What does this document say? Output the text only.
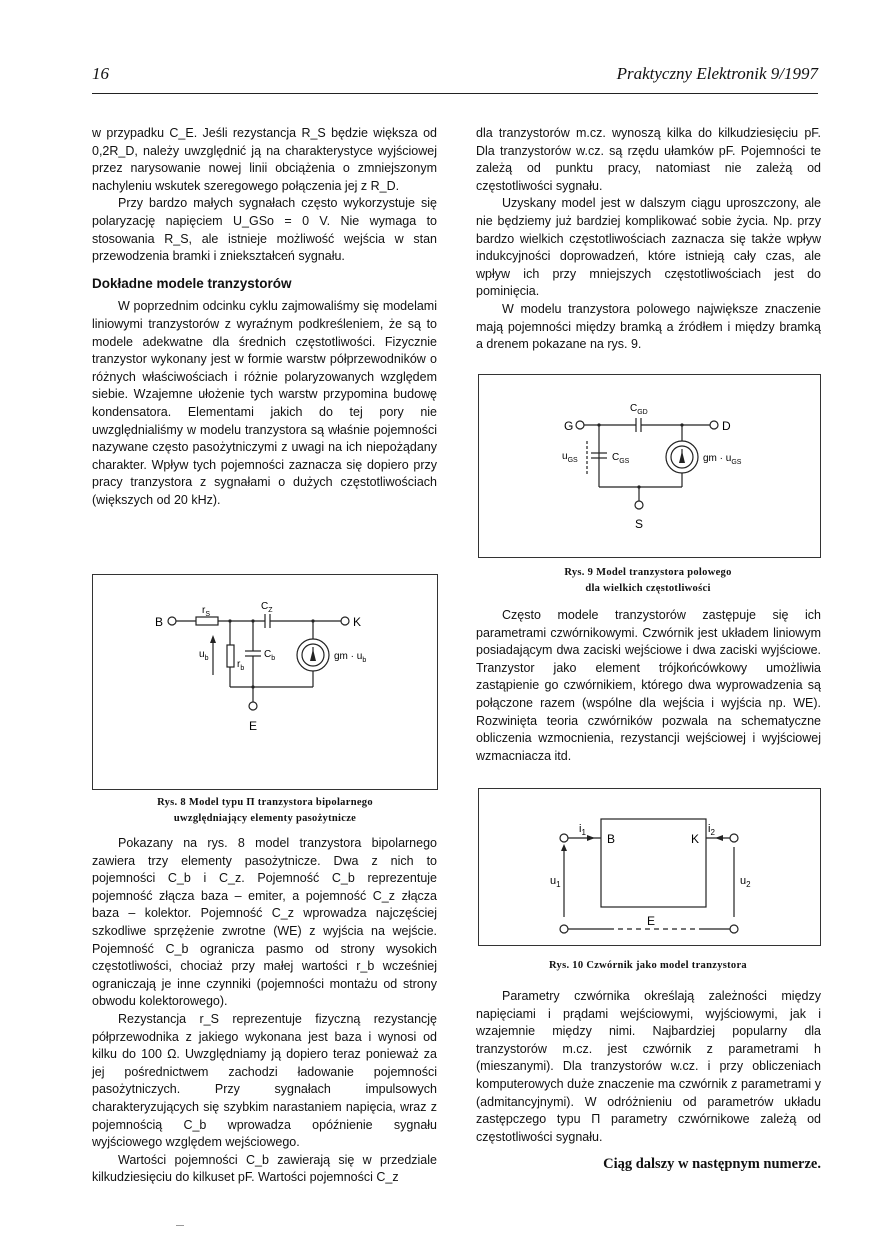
16	Praktyczny Elektronik 9/1997

w przypadku C_E. Jeśli rezystancja R_S będzie większa od 0,2R_D, należy uwzględnić ją na charakterystyce wyjściowej przez narysowanie nowej linii obciążenia o zmniejszonym nachyleniu wskutek szeregowego połączenia jej z R_D.

Przy bardzo małych sygnałach często wykorzystuje się polaryzację napięciem U_GSo = 0 V. Nie wymaga to stosowania R_S, ale istnieje możliwość wejścia w stan przewodzenia bramki i zniekształceń sygnału.

Dokładne modele tranzystorów

W poprzednim odcinku cyklu zajmowaliśmy się modelami liniowymi tranzystorów z wyraźnym podkreśleniem, że są to modele adekwatne dla średnich częstotliwości. Fizycznie tranzystor wykonany jest w formie warstw półprzewodników o różnych właściwościach i różnie polaryzowanych względem siebie. Wzajemne ułożenie tych warstw przypomina budowę kondensatora. Elementami jakich do tej pory nie uwzględnialiśmy w modelu tranzystora są właśnie pojemności nazywane często pasożytniczymi z uwagi na ich niepożądany charakter. Wpływ tych pojemności zaznacza się dopiero przy pracy tranzystora z sygnałami o dużych częstotliwościach (większych od 20 kHz).

B	K
E
$r_S$
$C_Z$
$u_b$
$r_b$
$C_b$	gm · $u_b$
Rys. 8 Model typu Π tranzystora bipolarnego
uwzględniający elementy pasożytnicze

Pokazany na rys. 8 model tranzystora bipolarnego zawiera trzy elementy pasożytnicze. Dwa z nich to pojemności C_b i C_z. Pojemność C_b reprezentuje pojemność złącza baza – emiter, a pojemność C_z złącza baza – kolektor. Pojemność C_z wprowadza najczęściej szkodliwe sprzężenie zwrotne (WE) z wyjścia na wejście. Pojemność C_b ogranicza pasmo od strony wysokich częstotliwości, chociaż przy małej wartości r_b wcześniej ograniczają je inne czynniki (pojemności montażu od strony obwodu kolektorowego).

Rezystancja r_S reprezentuje fizyczną rezystancję półprzewodnika z jakiego wykonana jest baza i wynosi od kilku do 100 Ω. Uwzględniamy ją dopiero teraz ponieważ za jej pośrednictwem zachodzi ładowanie pojemności pasożytniczych. Przy sygnałach impulsowych charakteryzujących się szybkim narastaniem napięcia, wraz z pojemnością C_b wprowadza opóźnienie sygnału wyjściowego względem wejściowego.

Wartości pojemności C_b zawierają się w przedziale kilkudziesięciu do kilkuset pF. Wartości pojemności C_z

dla tranzystorów m.cz. wynoszą kilka do kilkudziesięciu pF. Dla tranzystorów w.cz. są rzędu ułamków pF. Pojemności te zależą od punktu pracy, natomiast nie zależą od częstotliwości sygnału.

Uzyskany model jest w dalszym ciągu uproszczony, ale nie będziemy już bardziej komplikować sobie życia. Np. przy bardzo wielkich częstotliwościach zaznacza się także wpływ indukcyjności doprowadzeń, które istnieją cały czas, ale wpływ ich przy mniejszych częstotliwościach jest do pominięcia.

W modelu tranzystora polowego największe znaczenie mają pojemności między bramką a źródłem i między bramką a drenem pokazane na rys. 9.

G	D
S
$C_{GD}$
$u_{GS}$	$C_{GS}$	gm · $u_{GS}$
Rys. 9 Model tranzystora polowego
dla wielkich częstotliwości

Często modele tranzystorów zastępuje się ich parametrami czwórnikowymi. Czwórnik jest układem liniowym posiadającym dwa zaciski wejściowe i dwa zaciski wyjściowe. Tranzystor jako element trójkońcówkowy umożliwia zastąpienie go czwórnikiem, którego dwa wyprowadzenia są połączone razem (wspólne dla wejścia i wyjścia np. WE). Rozwinięta teoria czwórników pozwala na schematyczne obliczenia wzmocnienia, rezystancji wejściowej i wyjściowej wzmacniacza itd.

$i_1$	$i_2$
$u_1$	$u_2$
B	K
E
Rys. 10 Czwórnik jako model tranzystora

Parametry czwórnika określają zależności między napięciami i prądami wejściowymi, wyjściowymi, jak i wzajemnie między nimi. Najbardziej popularny dla tranzystorów m.cz. jest czwórnik z parametrami h (mieszanymi). Dla tranzystorów w.cz. i przy obliczeniach komputerowych duże znaczenie ma czwórnik z parametrami y (admitancyjnymi). W odróżnieniu od parametrów układu zastępczego typu Π parametry czwórnikowe zależą od częstotliwości sygnału.

Ciąg dalszy w następnym numerze.
